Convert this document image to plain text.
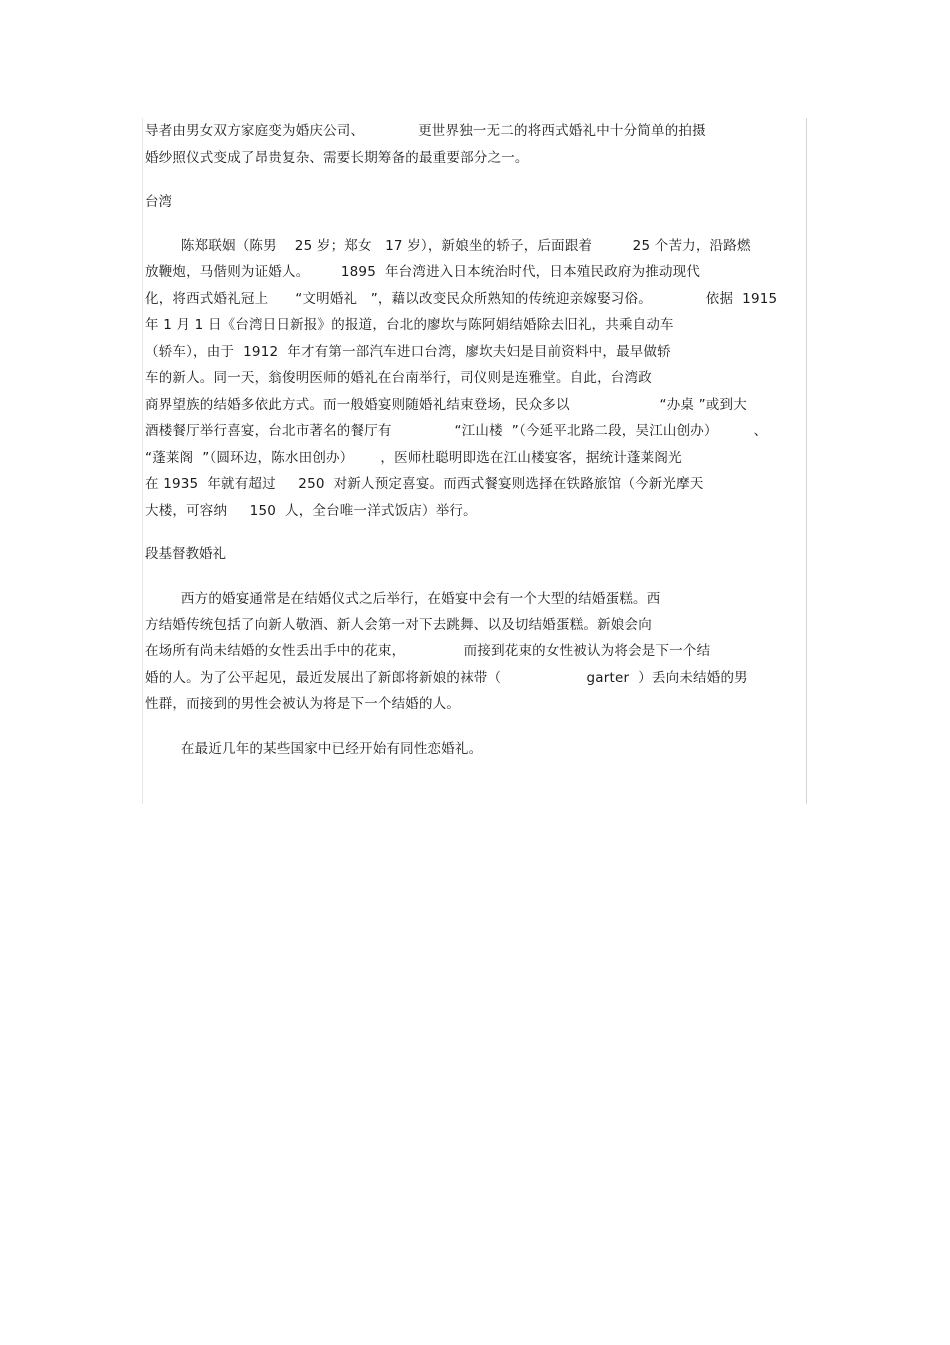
导者由男女双方家庭变为婚庆公司、            更世界独一无二的将西式婚礼中十分简单的拍摄
婚纱照仪式变成了昂贵复杂、需要长期筹备的最重要部分之一。
台湾
陈郑联姻（陈男    25 岁；郑女   17 岁），新娘坐的轿子，后面跟着         25 个苦力，沿路燃
放鞭炮，马偕则为证婚人。       1895  年台湾进入日本统治时代，日本殖民政府为推动现代
化，将西式婚礼冠上      “文明婚礼   ”，藉以改变民众所熟知的传统迎亲嫁娶习俗。            依据  1915
年 1 月 1 日《台湾日日新报》的报道，台北的廖坎与陈阿娟结婚除去旧礼，共乘自动车
（轿车），由于  1912  年才有第一部汽车进口台湾，廖坎夫妇是目前资料中，最早做轿
车的新人。同一天，翁俊明医师的婚礼在台南举行，司仪则是连雅堂。自此，台湾政
商界望族的结婚多依此方式。而一般婚宴则随婚礼结束登场，民众多以                    “办桌 ”或到大
酒楼餐厅举行喜宴，台北市著名的餐厅有              “江山楼  ”（今延平北路二段，吴江山创办）        、
“蓬莱阁  ”（圆环边，陈水田创办）      ，医师杜聪明即选在江山楼宴客，据统计蓬莱阁光
在 1935  年就有超过     250  对新人预定喜宴。而西式餐宴则选择在铁路旅馆（今新光摩天
大楼，可容纳     150  人，全台唯一洋式饭店）举行。
段基督教婚礼
西方的婚宴通常是在结婚仪式之后举行，在婚宴中会有一个大型的结婚蛋糕。西
方结婚传统包括了向新人敬酒、新人会第一对下去跳舞、以及切结婚蛋糕。新娘会向
在场所有尚未结婚的女性丢出手中的花束，             而接到花束的女性被认为将会是下一个结
婚的人。为了公平起见，最近发展出了新郎将新娘的袜带（                   garter  ）丢向未结婚的男
性群，而接到的男性会被认为将是下一个结婚的人。
在最近几年的某些国家中已经开始有同性恋婚礼。
